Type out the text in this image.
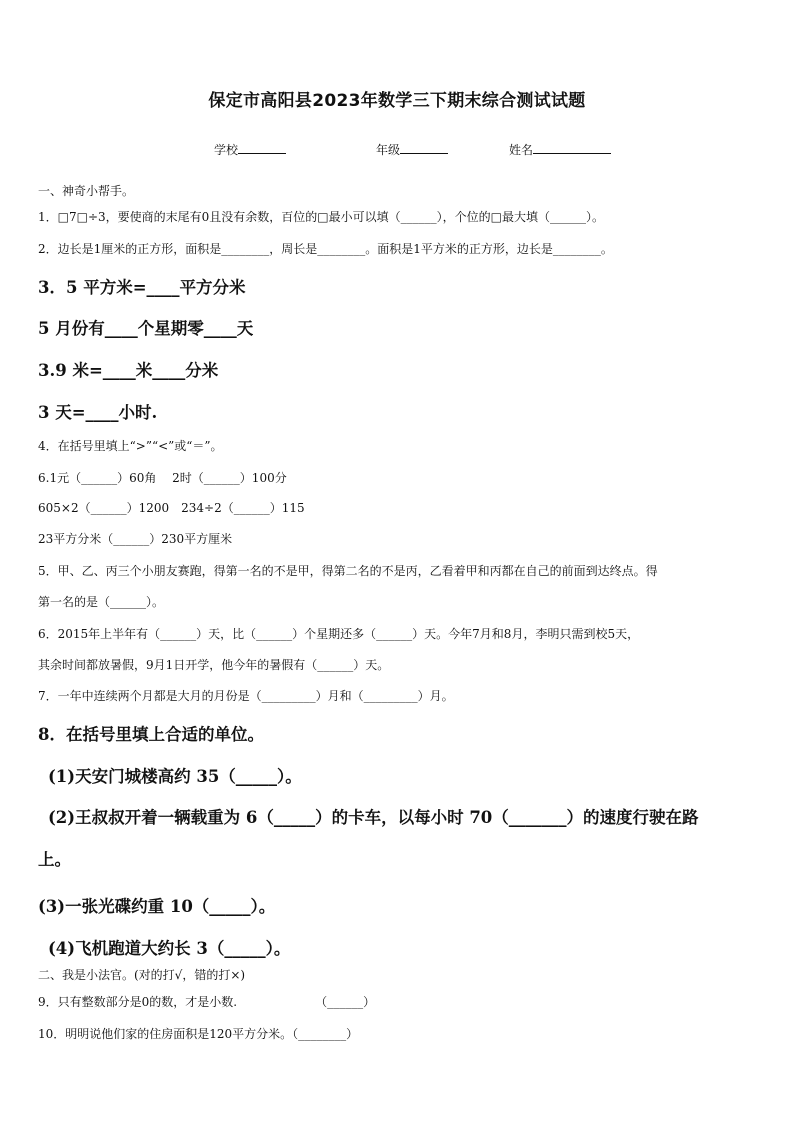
保定市高阳县2023年数学三下期末综合测试试题
学校	年级	姓名
一、神奇小帮手。
1．□7□÷3，要使商的末尾有0且没有余数，百位的□最小可以填（______），个位的□最大填（______）。
2．边长是1厘米的正方形，面积是________，周长是________。面积是1平方米的正方形，边长是________。
3．5 平方米=____平方分米
5 月份有____个星期零____天
3.9 米=____米____分米
3 天=____小时.
4．在括号里填上“>”“<”或“＝”。
6.1元（______）60角　 2时（______）100分
605×2（______）1200　234÷2（______）115
23平方分米（______）230平方厘米
5．甲、乙、丙三个小朋友赛跑，得第一名的不是甲，得第二名的不是丙，乙看着甲和丙都在自己的前面到达终点。得
第一名的是（______）。
6．2015年上半年有（______）天，比（______）个星期还多（______）天。今年7月和8月，李明只需到校5天，
其余时间都放暑假，9月1日开学，他今年的暑假有（______）天。
7．一年中连续两个月都是大月的月份是（_________）月和（_________）月。
8．在括号里填上合适的单位。
(1)天安门城楼高约 35（_____）。
(2)王叔叔开着一辆载重为 6（_____）的卡车，以每小时 70（_______）的速度行驶在路
上。
(3)一张光碟约重 10（_____）。
(4)飞机跑道大约长 3（_____）。
二、我是小法官。(对的打√，错的打×)
9．只有整数部分是0的数，才是小数.　　　　　　　（______）
10．明明说他们家的住房面积是120平方分米。（________）
